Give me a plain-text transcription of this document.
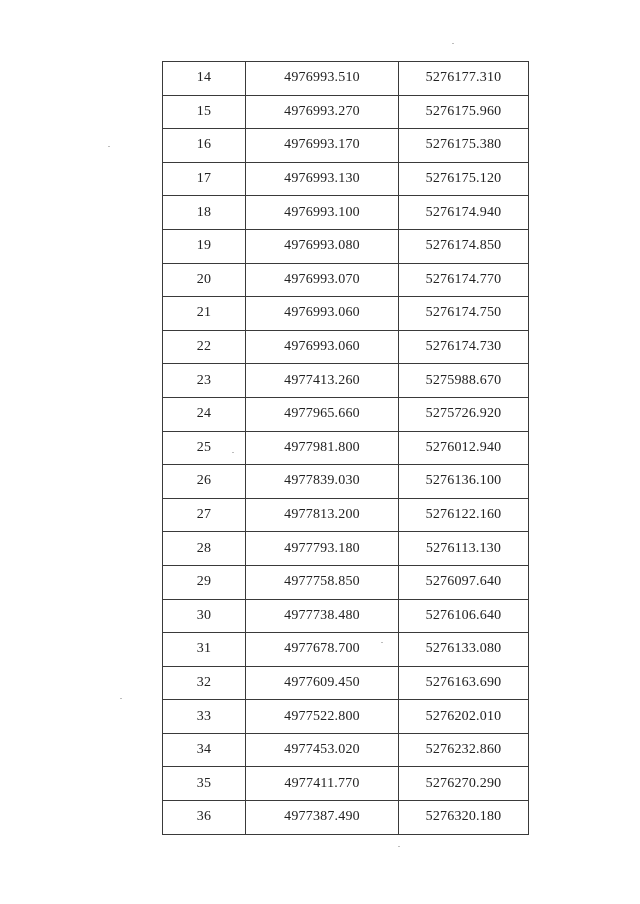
14	4976993.510	5276177.310
15	4976993.270	5276175.960
16	4976993.170	5276175.380
17	4976993.130	5276175.120
18	4976993.100	5276174.940
19	4976993.080	5276174.850
20	4976993.070	5276174.770
21	4976993.060	5276174.750
22	4976993.060	5276174.730
23	4977413.260	5275988.670
24	4977965.660	5275726.920
25	4977981.800	5276012.940
26	4977839.030	5276136.100
27	4977813.200	5276122.160
28	4977793.180	5276113.130
29	4977758.850	5276097.640
30	4977738.480	5276106.640
31	4977678.700	5276133.080
32	4977609.450	5276163.690
33	4977522.800	5276202.010
34	4977453.020	5276232.860
35	4977411.770	5276270.290
36	4977387.490	5276320.180
